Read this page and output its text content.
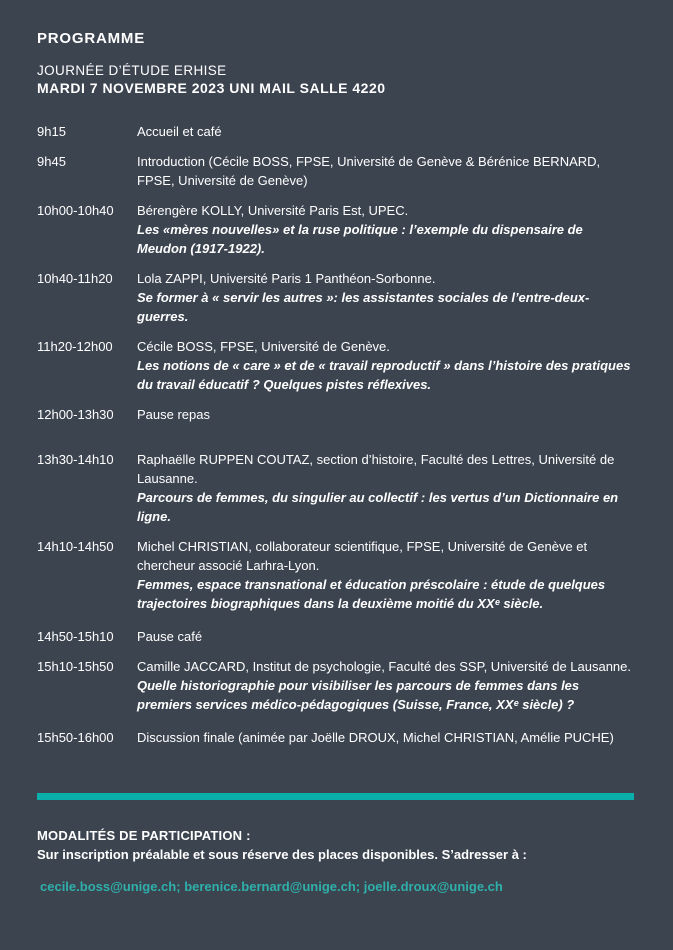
PROGRAMME

JOURNÉE D’ÉTUDE ERHISE

MARDI 7 NOVEMBRE 2023 UNI MAIL SALLE 4220

9h15	Accueil et café
9h45	Introduction (Cécile BOSS, FPSE, Université de Genève & Bérénice BERNARD, FPSE, Université de Genève)
10h00-10h40	Bérengère KOLLY, Université Paris Est, UPEC.
Les «mères nouvelles» et la ruse politique : l’exemple du dispensaire de Meudon (1917-1922).
10h40-11h20	Lola ZAPPI, Université Paris 1 Panthéon-Sorbonne.
Se former à « servir les autres »: les assistantes sociales de l’entre-deux-guerres.
11h20-12h00	Cécile BOSS, FPSE, Université de Genève.
Les notions de « care » et de « travail reproductif » dans l’histoire des pratiques du travail éducatif ? Quelques pistes réflexives.
12h00-13h30	Pause repas
13h30-14h10	Raphaëlle RUPPEN COUTAZ, section d’histoire, Faculté des Lettres, Université de Lausanne.
Parcours de femmes, du singulier au collectif : les vertus d’un Dictionnaire en ligne.
14h10-14h50	Michel CHRISTIAN, collaborateur scientifique, FPSE, Université de Genève et chercheur associé Larhra-Lyon.
Femmes, espace transnational et éducation préscolaire : étude de quelques trajectoires biographiques dans la deuxième moitié du XXᵉ siècle.
14h50-15h10	Pause café
15h10-15h50	Camille JACCARD, Institut de psychologie, Faculté des SSP, Université de Lausanne.
Quelle historiographie pour visibiliser les parcours de femmes dans les premiers services médico-pédagogiques (Suisse, France, XXᵉ siècle) ?
15h50-16h00	Discussion finale (animée par Joëlle DROUX, Michel CHRISTIAN, Amélie PUCHE)

MODALITÉS DE PARTICIPATION :

Sur inscription préalable et sous réserve des places disponibles. S’adresser à :

cecile.boss@unige.ch; berenice.bernard@unige.ch; joelle.droux@unige.ch
